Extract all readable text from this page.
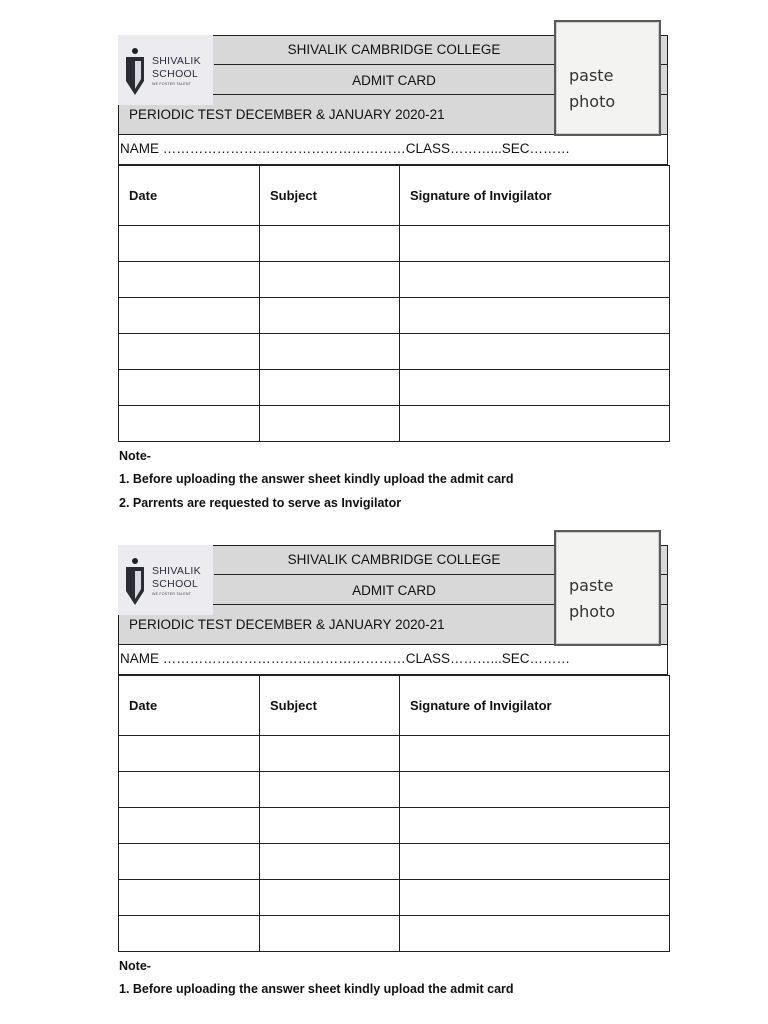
SHIVALIK CAMBRIDGE COLLEGE
ADMIT CARD
PERIODIC TEST DECEMBER & JANUARY 2020-21
SHIVALIK
SCHOOL
WE FOSTER TALENT	paste
photo
NAME ………………………………………………CLASS………...SEC………
Date	Subject	Signature of Invigilator

Note-
1. Before uploading the answer sheet kindly upload the admit card
2. Parrents are requested to serve as Invigilator
SHIVALIK CAMBRIDGE COLLEGE
ADMIT CARD
PERIODIC TEST DECEMBER & JANUARY 2020-21
SHIVALIK
SCHOOL
WE FOSTER TALENT	paste
photo
NAME ………………………………………………CLASS………...SEC………
Date	Subject	Signature of Invigilator

Note-
1. Before uploading the answer sheet kindly upload the admit card
